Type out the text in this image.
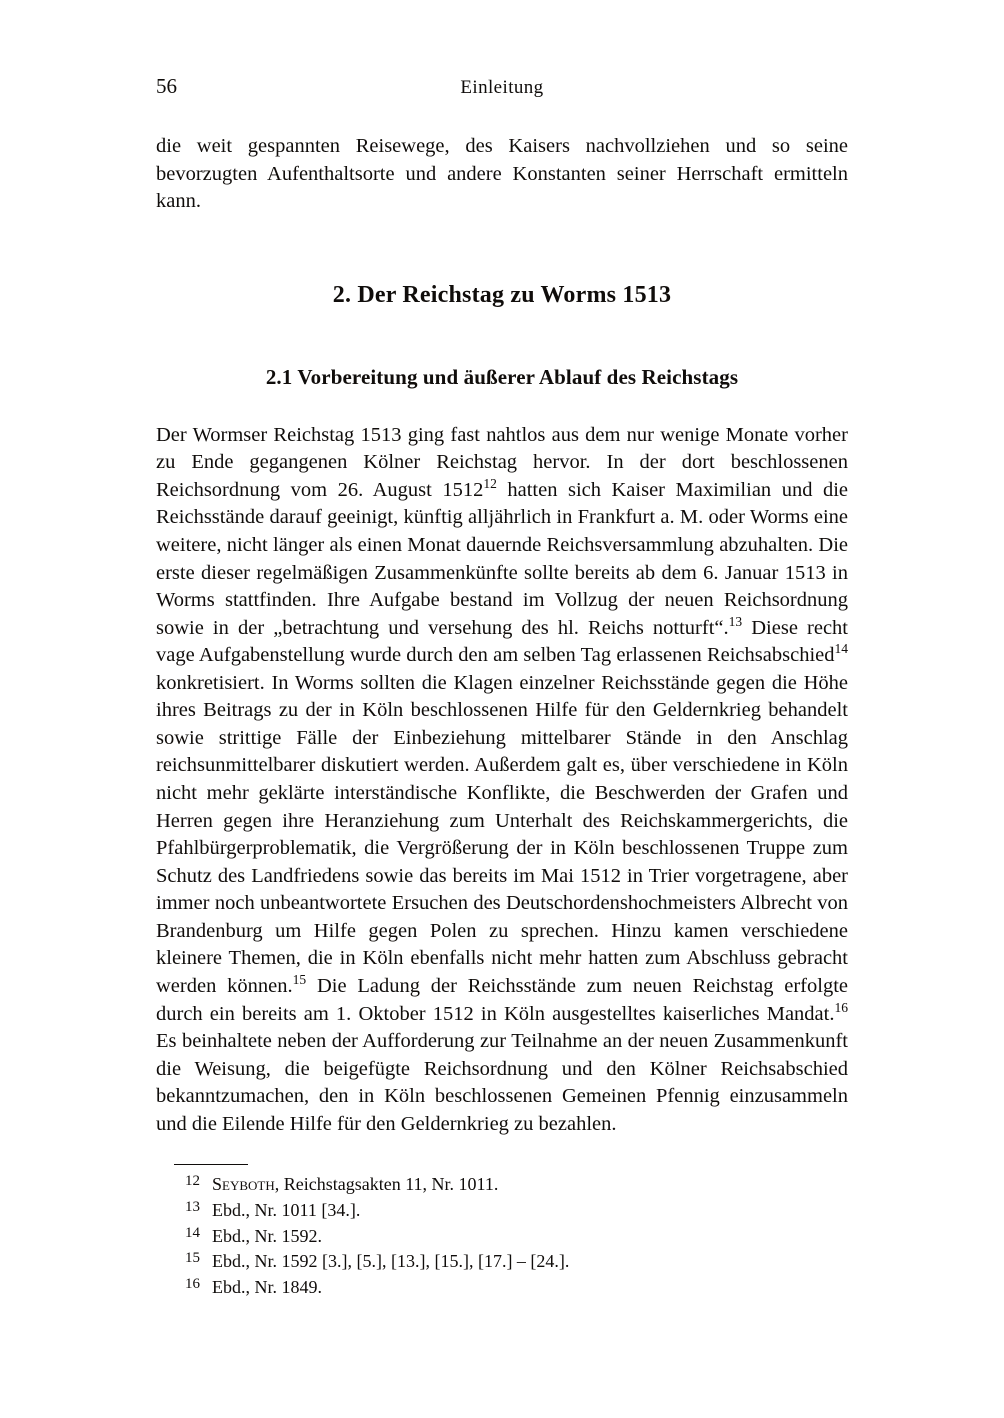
56	Einleitung

die weit gespannten Reisewege, des Kaisers nachvollziehen und so seine bevorzugten Aufenthaltsorte und andere Konstanten seiner Herrschaft ermitteln kann.

2. Der Reichstag zu Worms 1513
2.1 Vorbereitung und äußerer Ablauf des Reichstags

Der Wormser Reichstag 1513 ging fast nahtlos aus dem nur wenige Monate vorher zu Ende gegangenen Kölner Reichstag hervor. In der dort beschlossenen Reichsordnung vom 26. August 1512$^{12}$ hatten sich Kaiser Maximilian und die Reichsstände darauf geeinigt, künftig alljährlich in Frankfurt a. M. oder Worms eine weitere, nicht länger als einen Monat dauernde Reichsversammlung abzuhalten. Die erste dieser regelmäßigen Zusammenkünfte sollte bereits ab dem 6. Januar 1513 in Worms stattfinden. Ihre Aufgabe bestand im Vollzug der neuen Reichsordnung sowie in der „betrachtung und versehung des hl. Reichs notturft“.$^{13}$ Diese recht vage Aufgabenstellung wurde durch den am selben Tag erlassenen Reichsabschied$^{14}$ konkretisiert. In Worms sollten die Klagen einzelner Reichsstände gegen die Höhe ihres Beitrags zu der in Köln beschlossenen Hilfe für den Geldernkrieg behandelt sowie strittige Fälle der Einbeziehung mittelbarer Stände in den Anschlag reichsunmittelbarer diskutiert werden. Außerdem galt es, über verschiedene in Köln nicht mehr geklärte interständische Konflikte, die Beschwerden der Grafen und Herren gegen ihre Heranziehung zum Unterhalt des Reichskammergerichts, die Pfahlbürgerproblematik, die Vergrößerung der in Köln beschlossenen Truppe zum Schutz des Landfriedens sowie das bereits im Mai 1512 in Trier vorgetragene, aber immer noch unbeantwortete Ersuchen des Deutschordenshochmeisters Albrecht von Brandenburg um Hilfe gegen Polen zu sprechen. Hinzu kamen verschiedene kleinere Themen, die in Köln ebenfalls nicht mehr hatten zum Abschluss gebracht werden können.$^{15}$ Die Ladung der Reichsstände zum neuen Reichstag erfolgte durch ein bereits am 1. Oktober 1512 in Köln ausgestelltes kaiserliches Mandat.$^{16}$ Es beinhaltete neben der Aufforderung zur Teilnahme an der neuen Zusammenkunft die Weisung, die beigefügte Reichsordnung und den Kölner Reichsabschied bekanntzumachen, den in Köln beschlossenen Gemeinen Pfennig einzusammeln und die Eilende Hilfe für den Geldernkrieg zu bezahlen.

12 Seyboth, Reichstagsakten 11, Nr. 1011.
13 Ebd., Nr. 1011 [34.].
14 Ebd., Nr. 1592.
15 Ebd., Nr. 1592 [3.], [5.], [13.], [15.], [17.] – [24.].
16 Ebd., Nr. 1849.
